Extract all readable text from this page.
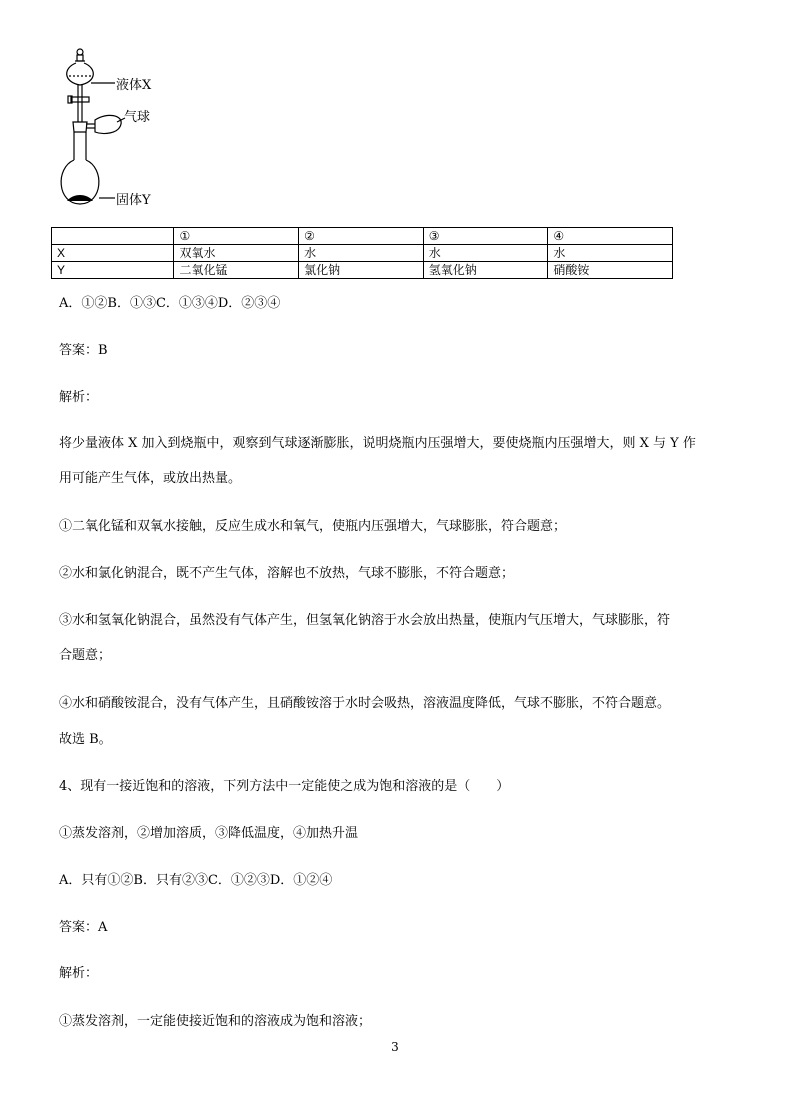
液体X
气球
固体Y
	①	②	③	④
X	双氧水	水	水	水
Y	二氧化锰	氯化钠	氢氧化钠	硝酸铵
A．①②B．①③C．①③④D．②③④
答案：B
解析：
将少量液体 X 加入到烧瓶中，观察到气球逐渐膨胀，说明烧瓶内压强增大，要使烧瓶内压强增大，则 X 与 Y 作
用可能产生气体，或放出热量。
①二氧化锰和双氧水接触，反应生成水和氧气，使瓶内压强增大，气球膨胀，符合题意；
②水和氯化钠混合，既不产生气体，溶解也不放热，气球不膨胀，不符合题意；
③水和氢氧化钠混合，虽然没有气体产生，但氢氧化钠溶于水会放出热量，使瓶内气压增大，气球膨胀，符
合题意；
④水和硝酸铵混合，没有气体产生，且硝酸铵溶于水时会吸热，溶液温度降低，气球不膨胀，不符合题意。
故选 B。
4、现有一接近饱和的溶液，下列方法中一定能使之成为饱和溶液的是（　　）
①蒸发溶剂，②增加溶质，③降低温度，④加热升温
A．只有①②B．只有②③C．①②③D．①②④
答案：A
解析：
①蒸发溶剂，一定能使接近饱和的溶液成为饱和溶液；
3
